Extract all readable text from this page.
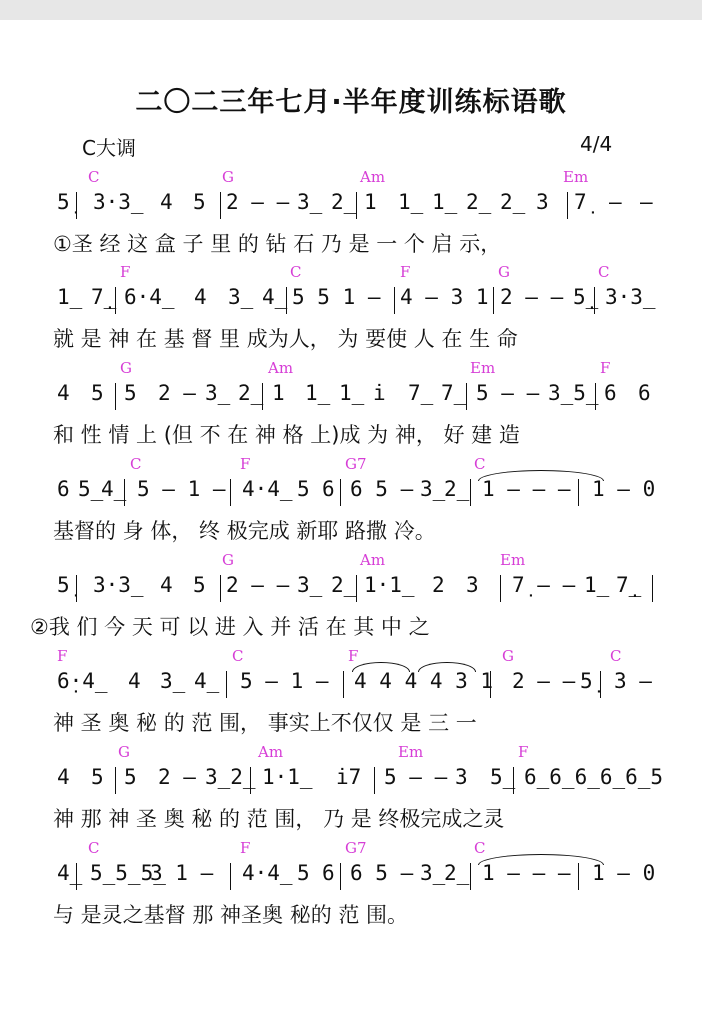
二〇二三年七月·半年度训练标语歌
C大调	4/4
C	G	Am	Em
5̣ 3·3̲ 4 5 2 – – 3̲ 2̲ 1 1̲ 1̲ 2̲ 2̲ 3 7̣ – –
①圣 经 这 盒 子 里 的 钻 石 乃 是 一 个 启 示，
F	C	F	G	C
1̲ 7̣̲ 6·4̲ 4 3̲ 4̲ 5 5 1 – 4 – 3 1 2 – – 5̣̲ 3·3̲
就 是 神 在 基 督 里 成为人， 为 要使 人 在 生 命
G	Am	Em	F
4 5 5 2 – 3̲ 2̲ 1 1̲ 1̲ i̇ 7̲ 7̲ 5 – – 3̲5̲ 6 6
和 性 情 上 (但 不 在 神 格 上)成 为 神， 好 建 造
C	F	G7	C
6 5̲
4̲ 5 – 1 – 4·4̲ 5 6 6 5 – 3̲
2̲ 1 – – – 1 – 0
基督的 身 体， 终 极完成 新耶 路撒 冷。
G	Am	Em
5̣ 3·3̲ 4 5 2 – – 3̲ 2̲ 1·1̲ 2 3 7̣ – – 1̲ 7̣̲
②我 们 今 天 可 以 进 入 并 活 在 其 中 之
F	C	F	G	C
6̣·4̲ 4 3̲ 4̲ 5 – 1 – 4 4 4 4 3 1 2 – – 5̣ 3 –
神 圣 奥 秘 的 范 围， 事实上不仅仅 是 三 一
G	Am	Em	F
4 5 5 2 – 3̲2̲ 1·1̲ i̇7 5 – – 3 5̲ 6̲6̲6̲6̲6̲5
神 那 神 圣 奥 秘 的 范 围， 乃 是 终极完成之灵
C	F	G7	C
4̲ 5̲5̲5̲
3 1 – 4·4̲ 5 6 6 5 – 3̲
2̲ 1 – – – 1 – 0
与 是灵之基督 那 神圣奥 秘的 范 围。
